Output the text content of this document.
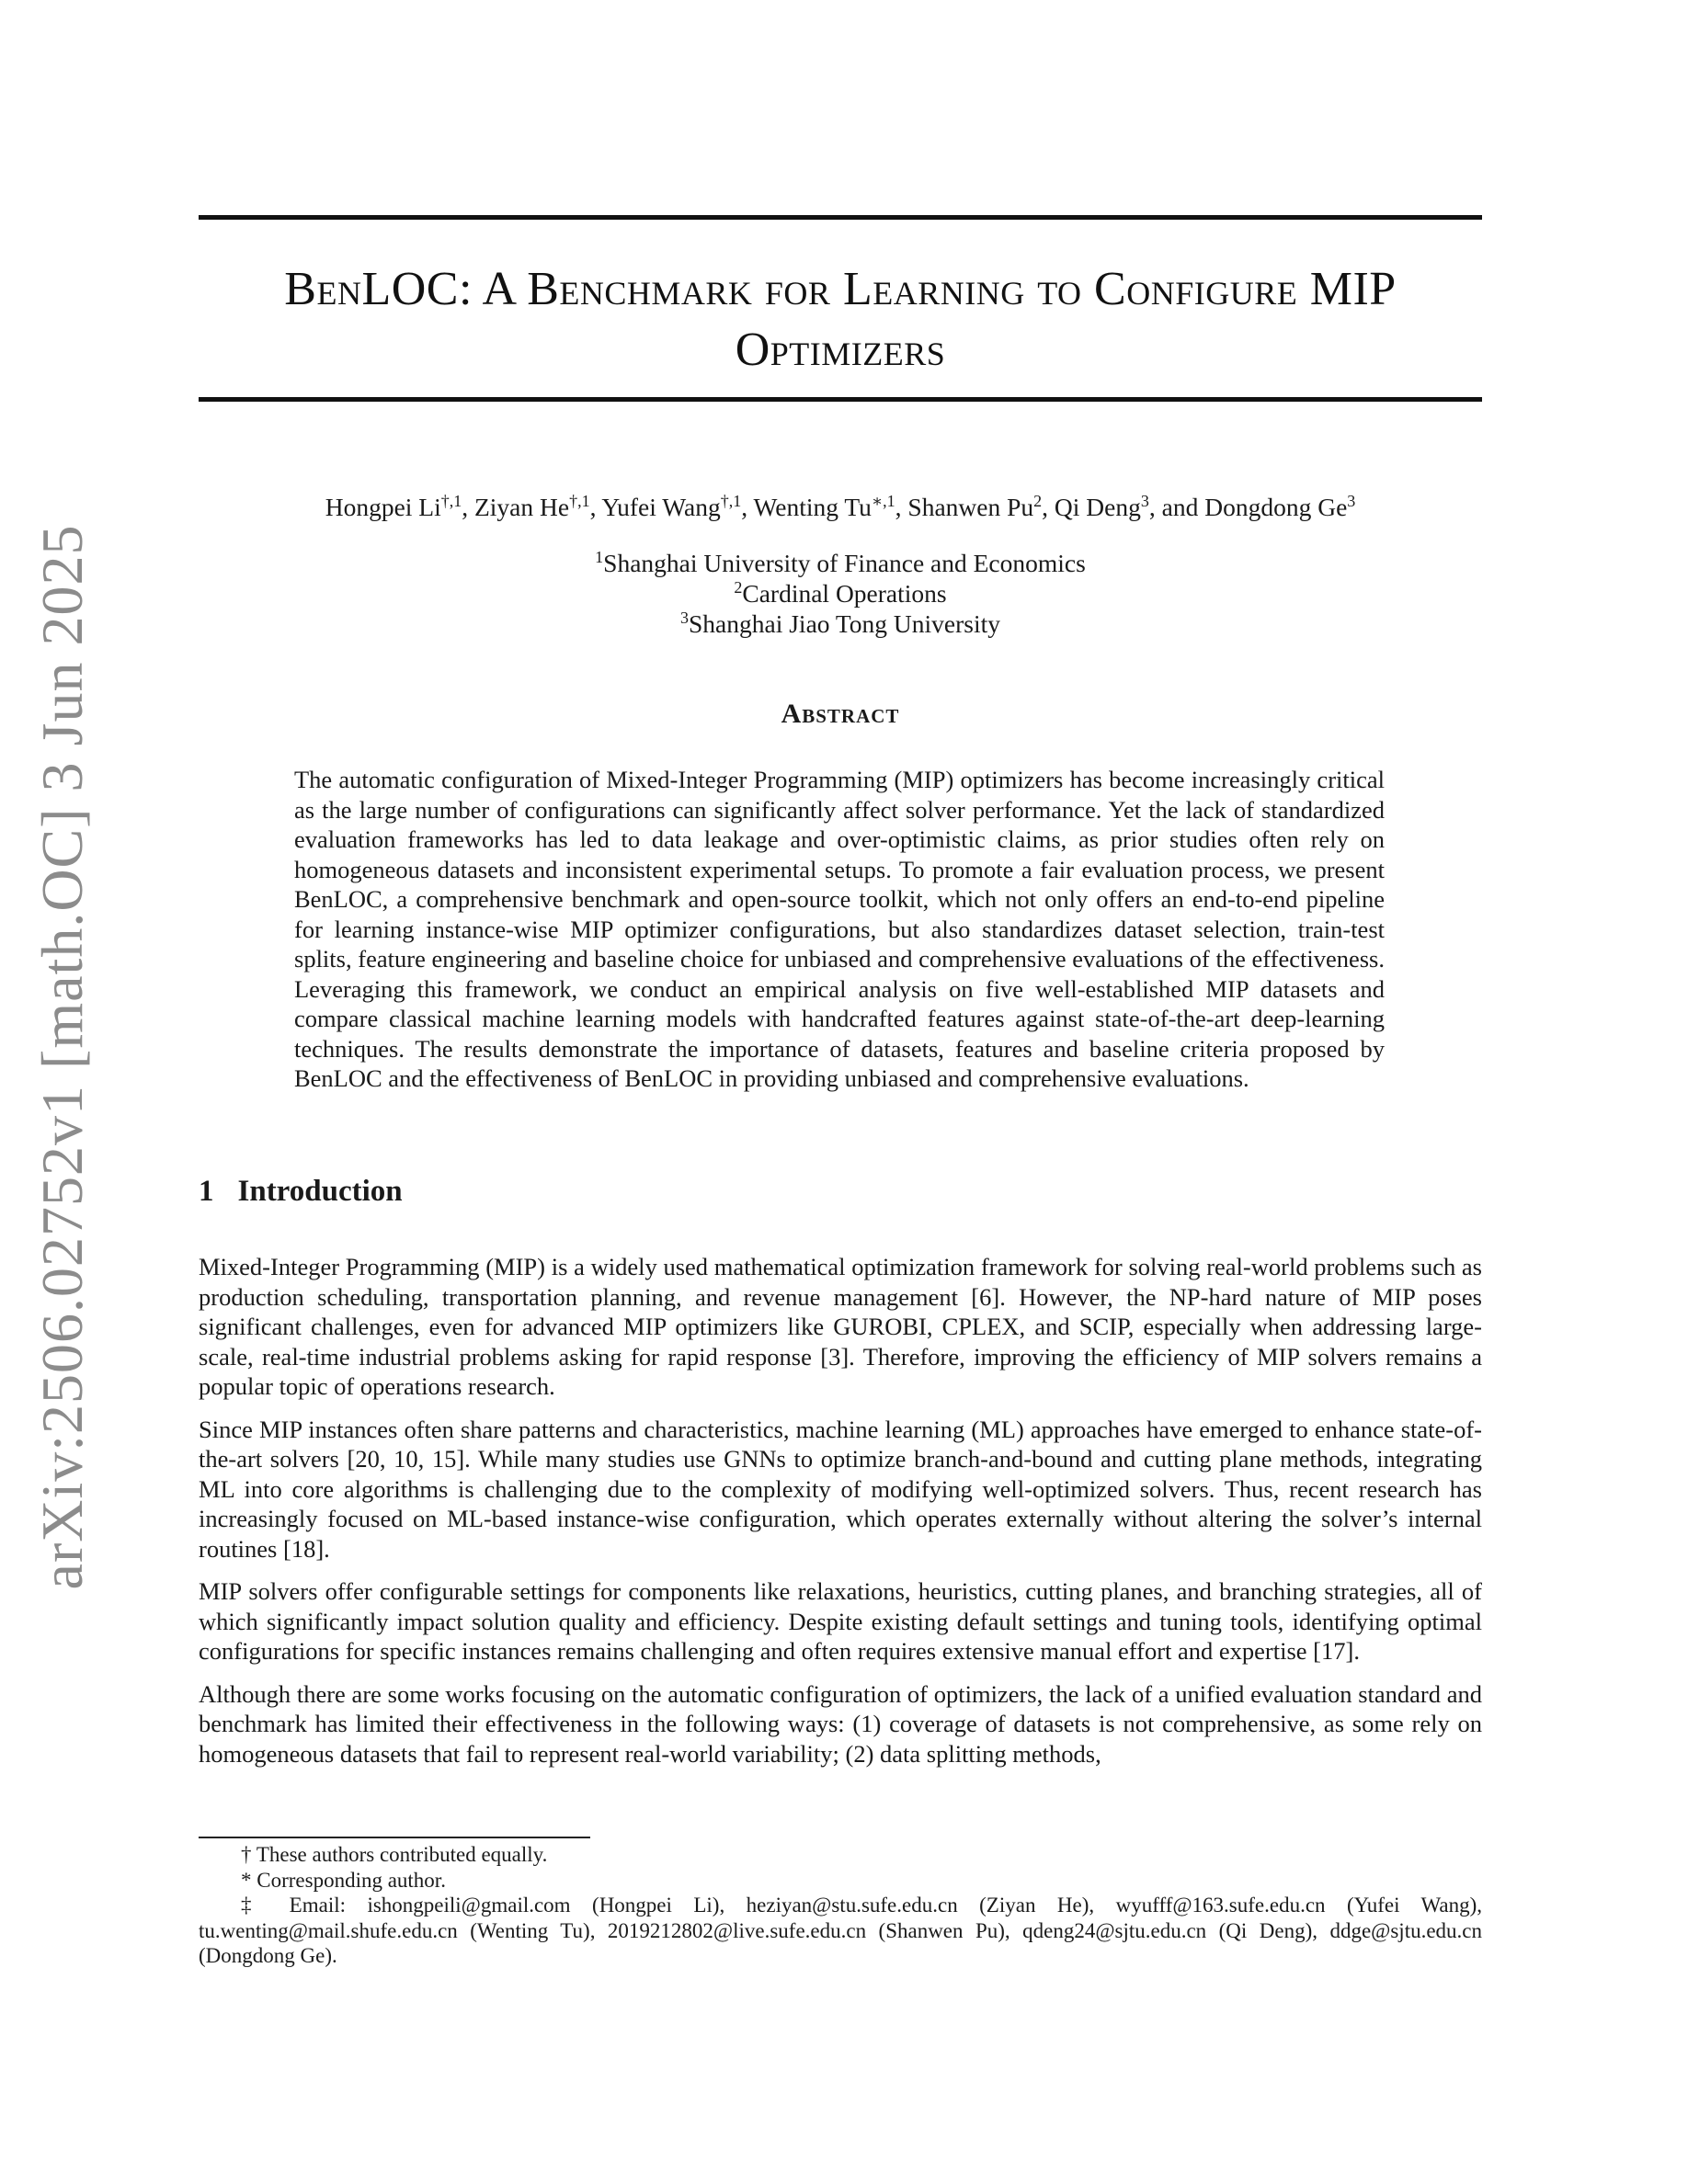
arXiv:2506.02752v1 [math.OC] 3 Jun 2025
BenLOC: A Benchmark for Learning to Configure MIP
Optimizers
Hongpei $Li^{\dagger,1}$, Ziyan $He^{\dagger,1}$, Yufei Wang$^{\dagger,1}$, Wenting $Tu^{∗,1}$, Shanwen Pu$^2$, Qi Deng$^3$, and Dongdong Ge$^3$
$^1$Shanghai University of Finance and Economics
$^2$Cardinal Operations
$^3$Shanghai Jiao Tong University
Abstract
The automatic configuration of Mixed-Integer Programming (MIP) optimizers has become increasingly critical as the large number of configurations can significantly affect solver performance. Yet the lack of standardized evaluation frameworks has led to data leakage and over-optimistic claims, as prior studies often rely on homogeneous datasets and inconsistent experimental setups. To promote a fair evaluation process, we present BenLOC, a comprehensive benchmark and open-source toolkit, which not only offers an end-to-end pipeline for learning instance-wise MIP optimizer configurations, but also standardizes dataset selection, train-test splits, feature engineering and baseline choice for unbiased and comprehensive evaluations of the effectiveness. Leveraging this framework, we conduct an empirical analysis on five well-established MIP datasets and compare classical machine learning models with handcrafted features against state-of-the-art deep-learning techniques. The results demonstrate the importance of datasets, features and baseline criteria proposed by BenLOC and the effectiveness of BenLOC in providing unbiased and comprehensive evaluations.
1 Introduction

Mixed-Integer Programming (MIP) is a widely used mathematical optimization framework for solving real-world problems such as production scheduling, transportation planning, and revenue management [6]. However, the NP-hard nature of MIP poses significant challenges, even for advanced MIP optimizers like GUROBI, CPLEX, and SCIP, especially when addressing large-scale, real-time industrial problems asking for rapid response [3]. Therefore, improving the efficiency of MIP solvers remains a popular topic of operations research.

Since MIP instances often share patterns and characteristics, machine learning (ML) approaches have emerged to enhance state-of-the-art solvers [20, 10, 15]. While many studies use GNNs to optimize branch-and-bound and cutting plane methods, integrating ML into core algorithms is challenging due to the complexity of modifying well-optimized solvers. Thus, recent research has increasingly focused on ML-based instance-wise configuration, which operates externally without altering the solver’s internal routines [18].

MIP solvers offer configurable settings for components like relaxations, heuristics, cutting planes, and branching strategies, all of which significantly impact solution quality and efficiency. Despite existing default settings and tuning tools, identifying optimal configurations for specific instances remains challenging and often requires extensive manual effort and expertise [17].

Although there are some works focusing on the automatic configuration of optimizers, the lack of a unified evaluation standard and benchmark has limited their effectiveness in the following ways: (1) coverage of datasets is not comprehensive, as some rely on homogeneous datasets that fail to represent real-world variability; (2) data splitting methods,

† These authors contributed equally.

* Corresponding author.

‡ Email: ishongpeili@gmail.com (Hongpei Li), heziyan@stu.sufe.edu.cn (Ziyan He), wyufff@163.sufe.edu.cn (Yufei Wang), tu.wenting@mail.shufe.edu.cn (Wenting Tu), 2019212802@live.sufe.edu.cn (Shanwen Pu), qdeng24@sjtu.edu.cn (Qi Deng), ddge@sjtu.edu.cn (Dongdong Ge).
